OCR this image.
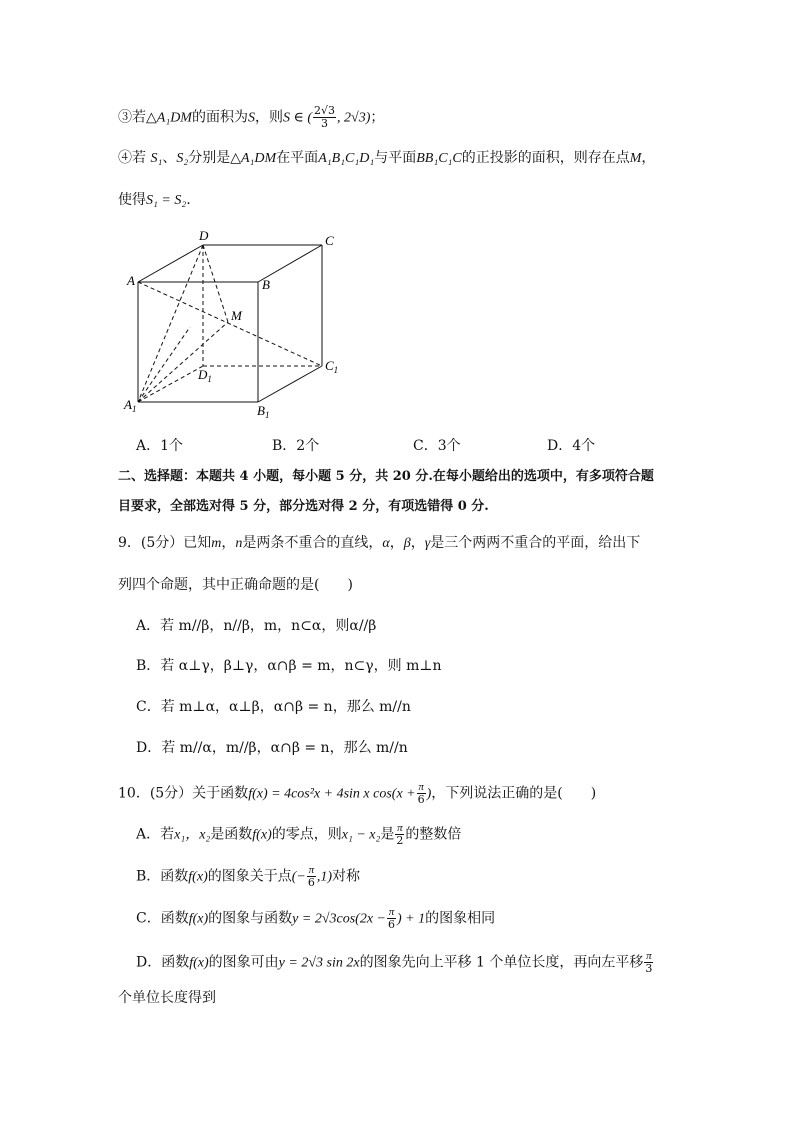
③若△A₁DM的面积为S，则S ∈ ( $\frac{2√3}{3}$ , 2√3)；
④若 S₁、S₂分别是△A₁DM在平面A₁B₁C₁D₁与平面BB₁C₁C的正投影的面积，则存在点M，
使得S₁ = S₂.
D	C
A	B
M
$D_1$
$C_1$
$A_1$	$B_1$
A．1个	B．2个	C．3个	D．4个
二、选择题：本题共 4 小题，每小题 5 分，共 20 分.在每小题给出的选项中，有多项符合题
目要求，全部选对得 5 分，部分选对得 2 分，有项选错得 0 分.
9．(5分）已知m，n是两条不重合的直线，α，β，γ是三个两两不重合的平面，给出下
列四个命题，其中正确命题的是(　　)
A．若 m//β，n//β，m，n⊂α，则α//β
B．若 α⊥γ，β⊥γ，α∩β = m，n⊂γ，则 m⊥n
C．若 m⊥α，α⊥β，α∩β = n，那么 m//n
D．若 m//α，m//β，α∩β = n，那么 m//n
10．(5分）关于函数f(x) = 4cos²x + 4sin x $\cos(x + \frac{\pi}{6}$ )，下列说法正确的是(　　)
A．若x₁，x₂是函数f(x)的零点，则x₁ − x₂是 $\frac{\pi}{2}$ 的整数倍
B．函数f(x)的图象关于点(− $\frac{\pi}{6} ,1$)对称
C．函数f(x)的图象与函数$y = 2√3\cos(2x - \frac{\pi}{6}$ ) + 1的图象相同
D．函数f(x)的图象可由y = 2√3 sin 2x的图象先向上平移 1 个单位长度，再向左平移 $\frac{\pi}{3}$
个单位长度得到
